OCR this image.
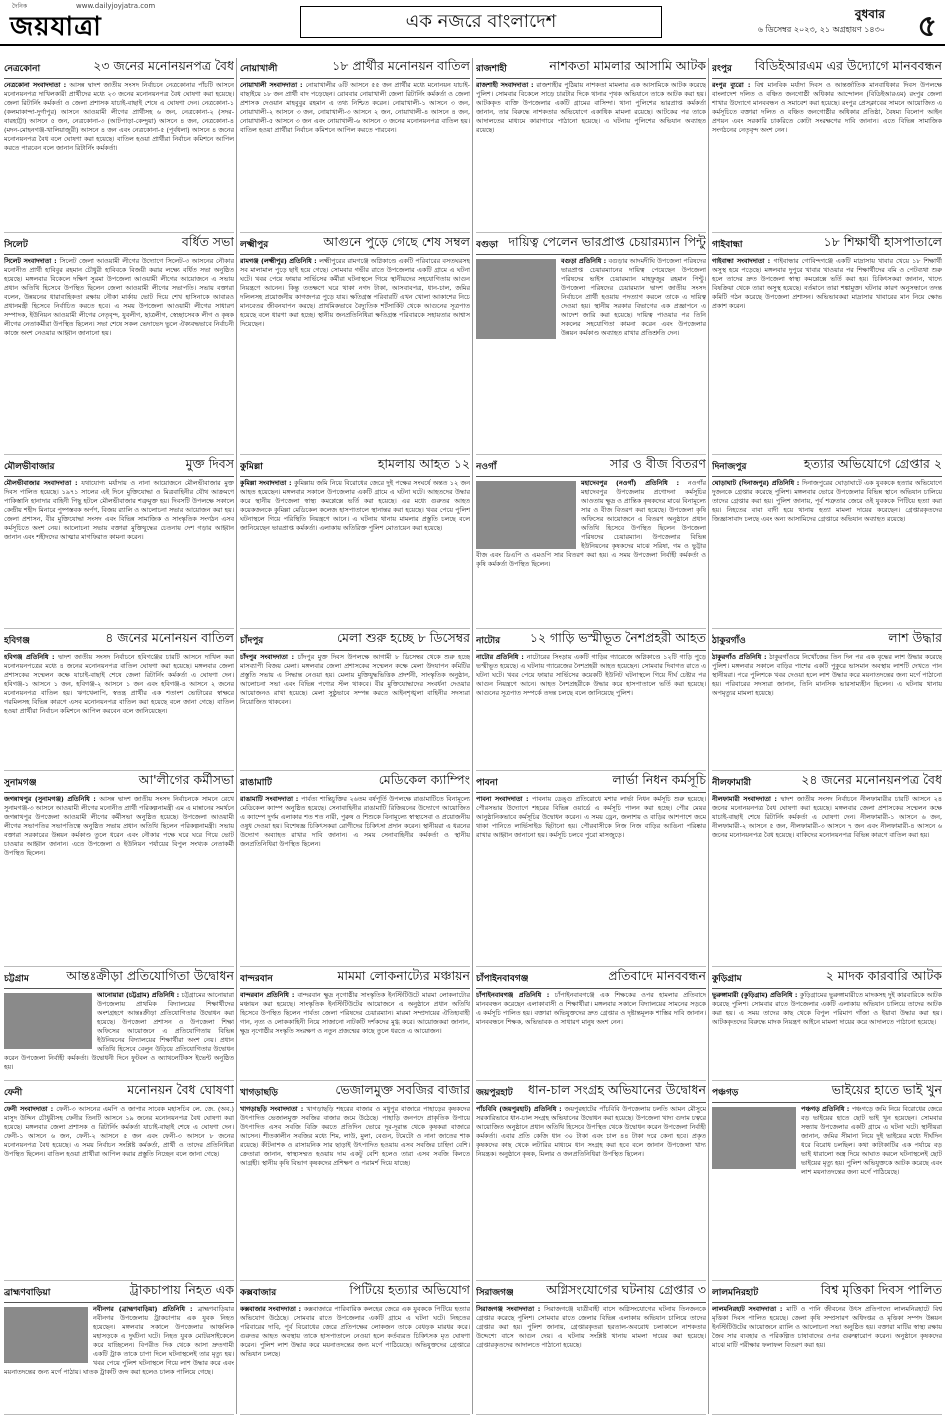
দৈনিক	www.dailyjoyjatra.com
জয়যাত্রা	এক নজরে বাংলাদেশ	বুধবার
৬ ডিসেম্বর ২০২৩, ২১ অগ্রহায়ণ ১৪৩০ ৫
নেত্রকোনা	২৩ জনের মনোনয়নপত্র বৈধ
নেত্রকোনা সংবাদদাতা : আসন্ন দ্বাদশ জাতীয় সংসদ নির্বাচনে নেত্রকোনার পাঁচটি আসনে মনোনয়নপত্র দাখিলকারী প্রার্থীদের মধ্যে ২৩ জনের মনোনয়নপত্র বৈধ ঘোষণা করা হয়েছে। জেলা রিটার্নিং কর্মকর্তা ও জেলা প্রশাসক যাচাই-বাছাই শেষে এ ঘোষণা দেন। নেত্রকোনা-১ (কলমাকান্দা-দুর্গাপুর) আসনে আওয়ামী লীগের প্রার্থীসহ ৬ জন, নেত্রকোনা-২ (সদর-বারহাট্টা) আসনে ৫ জন, নেত্রকোনা-৩ (আটপাড়া-কেন্দুয়া) আসনে ৪ জন, নেত্রকোনা-৪ (মদন-মোহনগঞ্জ-খালিয়াজুরী) আসনে ৪ জন এবং নেত্রকোনা-৫ (পূর্বধলা) আসনে ৪ জনের মনোনয়নপত্র বৈধ বলে ঘোষণা করা হয়েছে। বাতিল হওয়া প্রার্থীরা নির্বাচন কমিশনে আপিল করতে পারবেন বলে জানান রিটার্নিং কর্মকর্তা।
সিলেট	বর্ধিত সভা
সিলেট সংবাদদাতা : সিলেট জেলা আওয়ামী লীগের উদ্যোগে সিলেট-৩ আসনের নৌকার মনোনীত প্রার্থী হাবিবুর রহমান চৌধুরী হাবিবকে বিজয়ী করার লক্ষ্যে বর্ধিত সভা অনুষ্ঠিত হয়েছে। মঙ্গলবার বিকেলে দক্ষিণ সুরমা উপজেলা আওয়ামী লীগের আয়োজনে এ সভায় প্রধান অতিথি হিসেবে উপস্থিত ছিলেন জেলা আওয়ামী লীগের সভাপতি। সভায় বক্তারা বলেন, উন্নয়নের ধারাবাহিকতা রক্ষায় নৌকা মার্কায় ভোট দিয়ে শেখ হাসিনাকে আবারও প্রধানমন্ত্রী হিসেবে নির্বাচিত করতে হবে। এ সময় উপজেলা আওয়ামী লীগের সাধারণ সম্পাদক, ইউনিয়ন আওয়ামী লীগের নেতৃবৃন্দ, যুবলীগ, ছাত্রলীগ, স্বেচ্ছাসেবক লীগ ও কৃষক লীগের নেতাকর্মীরা উপস্থিত ছিলেন। সভা শেষে সকল ভেদাভেদ ভুলে ঐক্যবদ্ধভাবে নির্বাচনী কাজে অংশ নেওয়ার আহ্বান জানানো হয়।
মৌলভীবাজার	মুক্ত দিবস
মৌলভীবাজার সংবাদদাতা : যথাযোগ্য মর্যাদায় ও নানা আয়োজনে মৌলভীবাজার মুক্ত দিবস পালিত হয়েছে। ১৯৭১ সালের এই দিনে মুক্তিযোদ্ধা ও মিত্রবাহিনীর যৌথ আক্রমণে পাকিস্তানি হানাদার বাহিনী পিছু হটলে মৌলভীবাজার শত্রুমুক্ত হয়। দিবসটি উপলক্ষে সকালে কেন্দ্রীয় শহীদ মিনারে পুষ্পস্তবক অর্পণ, বিজয় র‍্যালি ও আলোচনা সভার আয়োজন করা হয়। জেলা প্রশাসন, বীর মুক্তিযোদ্ধা সংসদ এবং বিভিন্ন সামাজিক ও সাংস্কৃতিক সংগঠন এসব কর্মসূচিতে অংশ নেয়। আলোচনা সভায় বক্তারা মুক্তিযুদ্ধের চেতনায় দেশ গড়ার আহ্বান জানান এবং শহীদদের আত্মার মাগফিরাত কামনা করেন।
হবিগঞ্জ	৪ জনের মনোনয়ন বাতিল
হবিগঞ্জ প্রতিনিধি : দ্বাদশ জাতীয় সংসদ নির্বাচনে হবিগঞ্জের চারটি আসনে দাখিল করা মনোনয়নপত্রের মধ্যে ৪ জনের মনোনয়নপত্র বাতিল ঘোষণা করা হয়েছে। মঙ্গলবার জেলা প্রশাসকের সম্মেলন কক্ষে যাচাই-বাছাই শেষে জেলা রিটার্নিং কর্মকর্তা এ ঘোষণা দেন। হবিগঞ্জ-১ আসনে ১ জন, হবিগঞ্জ-২ আসনে ১ জন এবং হবিগঞ্জ-৪ আসনে ২ জনের মনোনয়নপত্র বাতিল হয়। ঋণখেলাপি, স্বতন্ত্র প্রার্থীর এক শতাংশ ভোটারের স্বাক্ষরে গরমিলসহ বিভিন্ন কারণে এসব মনোনয়নপত্র বাতিল করা হয়েছে বলে জানা গেছে। বাতিল হওয়া প্রার্থীরা নির্বাচন কমিশনে আপিল করবেন বলে জানিয়েছেন।
সুনামগঞ্জ	আ'লীগের কর্মীসভা
জগন্নাথপুর (সুনামগঞ্জ) প্রতিনিধি : আসন্ন দ্বাদশ জাতীয় সংসদ নির্বাচনকে সামনে রেখে সুনামগঞ্জ-৩ আসনে আওয়ামী লীগের মনোনীত প্রার্থী পরিকল্পনামন্ত্রী এম এ মান্নানের সমর্থনে জগন্নাথপুর উপজেলা আওয়ামী লীগের কর্মীসভা অনুষ্ঠিত হয়েছে। উপজেলা আওয়ামী লীগের সভাপতির সভাপতিত্বে অনুষ্ঠিত সভায় প্রধান অতিথি ছিলেন পরিকল্পনামন্ত্রী। সভায় বক্তারা সরকারের উন্নয়ন কর্মকাণ্ড তুলে ধরেন এবং নৌকার পক্ষে ঘরে ঘরে গিয়ে ভোট চাওয়ার আহ্বান জানান। এতে উপজেলা ও ইউনিয়ন পর্যায়ের বিপুল সংখ্যক নেতাকর্মী উপস্থিত ছিলেন।
চট্টগ্রাম	আন্তঃক্রীড়া প্রতিযোগিতা উদ্বোধন
আনোয়ারা (চট্টগ্রাম) প্রতিনিধি : চট্টগ্রামের আনোয়ারা উপজেলায় প্রাথমিক বিদ্যালয়ের শিক্ষার্থীদের অংশগ্রহণে আন্তঃক্রীড়া প্রতিযোগিতার উদ্বোধন করা হয়েছে। উপজেলা প্রশাসন ও উপজেলা শিক্ষা অফিসের আয়োজনে এ প্রতিযোগিতায় বিভিন্ন ইউনিয়নের বিদ্যালয়ের শিক্ষার্থীরা অংশ নেয়। প্রধান অতিথি হিসেবে বেলুন উড়িয়ে প্রতিযোগিতার উদ্বোধন করেন উপজেলা নির্বাহী কর্মকর্তা। উদ্বোধনী দিনে ফুটবল ও অ্যাথলেটিকস ইভেন্ট অনুষ্ঠিত হয়।
ফেনী	মনোনয়ন বৈধ ঘোষণা
ফেনী সংবাদদাতা : ফেনী-৩ আসনের এমপি ও জাপার সাবেক মহাসচিব লে. জে. (অব.) মাসুদ উদ্দিন চৌধুরীসহ ফেনীর তিনটি আসনে ১৯ জনের মনোনয়নপত্র বৈধ ঘোষণা করা হয়েছে। মঙ্গলবার জেলা প্রশাসক ও রিটার্নিং কর্মকর্তা যাচাই-বাছাই শেষে এ ঘোষণা দেন। ফেনী-১ আসনে ৬ জন, ফেনী-২ আসনে ৫ জন এবং ফেনী-৩ আসনে ৮ জনের মনোনয়নপত্র বৈধ হয়েছে। এ সময় নির্বাচন সংশ্লিষ্ট কর্মকর্তা, প্রার্থী ও তাদের প্রতিনিধিরা উপস্থিত ছিলেন। বাতিল হওয়া প্রার্থীরা আপিল করার প্রস্তুতি নিচ্ছেন বলে জানা গেছে।
ব্রাহ্মণবাড়িয়া	ট্রাকচাপায় নিহত এক
নবীনগর (ব্রাহ্মণবাড়িয়া) প্রতিনিধি : ব্রাহ্মণবাড়িয়ার নবীনগর উপজেলায় ট্রাকচাপায় এক যুবক নিহত হয়েছেন। মঙ্গলবার সকালে উপজেলার আঞ্চলিক মহাসড়কে এ দুর্ঘটনা ঘটে। নিহত যুবক মোটরসাইকেলে করে যাচ্ছিলেন। বিপরীত দিক থেকে আসা দ্রুতগামী একটি ট্রাক তাকে চাপা দিলে ঘটনাস্থলেই তার মৃত্যু হয়। খবর পেয়ে পুলিশ ঘটনাস্থলে গিয়ে লাশ উদ্ধার করে এবং ময়নাতদন্তের জন্য মর্গে পাঠায়। ঘাতক ট্রাকটি জব্দ করা হলেও চালক পালিয়ে গেছে।
নোয়াখালী	১৮ প্রার্থীর মনোনয়ন বাতিল
নোয়াখালী সংবাদদাতা : নোয়াখালীর ৬টি আসনে ৫৫ জন প্রার্থীর মধ্যে মনোনয়ন যাচাই-বাছাইয়ে ১৮ জন প্রার্থী বাদ পড়েছেন। রোববার নোয়াখালী জেলা রিটার্নিং কর্মকর্তা ও জেলা প্রশাসক দেওয়ান মাহবুবুর রহমান এ তথ্য নিশ্চিত করেন। নোয়াখালী-১ আসনে ৩ জন, নোয়াখালী-২ আসনে ৩ জন, নোয়াখালী-৩ আসনে ২ জন, নোয়াখালী-৪ আসনে ৪ জন, নোয়াখালী-৫ আসনে ৩ জন এবং নোয়াখালী-৬ আসনে ৩ জনের মনোনয়নপত্র বাতিল হয়। বাতিল হওয়া প্রার্থীরা নির্বাচন কমিশনে আপিল করতে পারবেন।
লক্ষ্মীপুর	আগুনে পুড়ে গেছে শেষ সম্বল
রামগঞ্জ (লক্ষ্মীপুর) প্রতিনিধি : লক্ষ্মীপুরের রামগঞ্জে অগ্নিকাণ্ডে একটি পরিবারের বসতঘরসহ সব মালামাল পুড়ে ছাই হয়ে গেছে। সোমবার গভীর রাতে উপজেলার একটি গ্রামে এ ঘটনা ঘটে। খবর পেয়ে ফায়ার সার্ভিসের কর্মীরা ঘটনাস্থলে গিয়ে স্থানীয়দের সহযোগিতায় আগুন নিয়ন্ত্রণে আনেন। কিন্তু ততক্ষণে ঘরে থাকা নগদ টাকা, আসবাবপত্র, ধান-চাল, জমির দলিলসহ প্রয়োজনীয় কাগজপত্র পুড়ে যায়। ক্ষতিগ্রস্ত পরিবারটি এখন খোলা আকাশের নিচে মানবেতর জীবনযাপন করছে। প্রাথমিকভাবে বৈদ্যুতিক শর্টসার্কিট থেকে আগুনের সূত্রপাত হয়েছে বলে ধারণা করা হচ্ছে। স্থানীয় জনপ্রতিনিধিরা ক্ষতিগ্রস্ত পরিবারকে সহায়তার আশ্বাস দিয়েছেন।
কুমিল্লা	হামলায় আহত ১২
কুমিল্লা সংবাদদাতা : কুমিল্লায় জমি নিয়ে বিরোধের জেরে দুই পক্ষের সংঘর্ষে অন্তত ১২ জন আহত হয়েছেন। মঙ্গলবার সকালে উপজেলার একটি গ্রামে এ ঘটনা ঘটে। আহতদের উদ্ধার করে স্থানীয় উপজেলা স্বাস্থ্য কমপ্লেক্সে ভর্তি করা হয়েছে। এর মধ্যে গুরুতর আহত কয়েকজনকে কুমিল্লা মেডিকেল কলেজ হাসপাতালে স্থানান্তর করা হয়েছে। খবর পেয়ে পুলিশ ঘটনাস্থলে গিয়ে পরিস্থিতি নিয়ন্ত্রণে আনে। এ ঘটনায় থানায় মামলার প্রস্তুতি চলছে বলে জানিয়েছেন ভারপ্রাপ্ত কর্মকর্তা। এলাকায় অতিরিক্ত পুলিশ মোতায়েন করা হয়েছে।
চাঁদপুর	মেলা শুরু হচ্ছে ৮ ডিসেম্বর
চাঁদপুর সংবাদদাতা : চাঁদপুর মুক্ত দিবস উপলক্ষে আগামী ৮ ডিসেম্বর থেকে শুরু হচ্ছে মাসব্যাপী বিজয় মেলা। মঙ্গলবার জেলা প্রশাসকের সম্মেলন কক্ষে মেলা উদযাপন কমিটির প্রস্তুতি সভায় এ সিদ্ধান্ত নেওয়া হয়। মেলায় মুক্তিযুদ্ধভিত্তিক প্রদর্শনী, সাংস্কৃতিক অনুষ্ঠান, আলোচনা সভা এবং বিভিন্ন পণ্যের স্টল থাকবে। বীর মুক্তিযোদ্ধাদের সংবর্ধনা দেওয়ার আয়োজনও রাখা হয়েছে। মেলা সুষ্ঠুভাবে সম্পন্ন করতে আইনশৃঙ্খলা বাহিনীর সদস্যরা নিয়োজিত থাকবেন।
রাঙামাটি	মেডিকেল ক্যাম্পিং
রাঙামাটি সংবাদদাতা : পার্বত্য শান্তিচুক্তির ২৬তম বর্ষপূর্তি উপলক্ষে রাঙামাটিতে বিনামূল্যে মেডিকেল ক্যাম্প অনুষ্ঠিত হয়েছে। সেনাবাহিনীর রাঙামাটি রিজিয়নের উদ্যোগে আয়োজিত এ ক্যাম্পে দুর্গম এলাকার শত শত নারী, পুরুষ ও শিশুকে বিনামূল্যে স্বাস্থ্যসেবা ও প্রয়োজনীয় ওষুধ দেওয়া হয়। বিশেষজ্ঞ চিকিৎসকরা রোগীদের চিকিৎসা প্রদান করেন। স্থানীয়রা এ ধরনের উদ্যোগ অব্যাহত রাখার দাবি জানান। এ সময় সেনাবাহিনীর কর্মকর্তা ও স্থানীয় জনপ্রতিনিধিরা উপস্থিত ছিলেন।
বান্দরবান	মামমা লোকনাট্যের মঞ্চায়ন
বান্দরবান প্রতিনিধি : বান্দরবান ক্ষুদ্র নৃগোষ্ঠীর সাংস্কৃতিক ইনস্টিটিউটে মারমা লোকনাট্যের মঞ্চায়ন করা হয়েছে। সাংস্কৃতিক ইনস্টিটিউটের আয়োজনে এ অনুষ্ঠানে প্রধান অতিথি হিসেবে উপস্থিত ছিলেন পার্বত্য জেলা পরিষদের চেয়ারম্যান। মারমা সম্প্রদায়ের ঐতিহ্যবাহী গান, নৃত্য ও লোককাহিনী নিয়ে সাজানো নাটকটি দর্শকদের মুগ্ধ করে। আয়োজকরা জানান, ক্ষুদ্র নৃগোষ্ঠীর সংস্কৃতি সংরক্ষণ ও নতুন প্রজন্মের কাছে তুলে ধরতে এ আয়োজন।
খাগড়াছড়ি	ভেজালমুক্ত সবজির বাজার
খাগড়াছড়ি সংবাদদাতা : খাগড়াছড়ি শহরের বাজার ও মধুপুর বাজারে পাহাড়ের কৃষকদের উৎপাদিত ভেজালমুক্ত সবজির বাজার জমে উঠেছে। পাহাড়ি জনপদে প্রাকৃতিক উপায়ে উৎপাদিত এসব সবজি বিক্রি করতে প্রতিদিন ভোরে দূর-দূরান্ত থেকে কৃষকরা বাজারে আসেন। শীতকালীন সবজির মধ্যে শিম, লাউ, মুলা, বেগুন, টমেটো ও নানা জাতের শাক রয়েছে। কীটনাশক ও রাসায়নিক সার ছাড়াই উৎপাদিত হওয়ায় এসব সবজির চাহিদা বেশি। ক্রেতারা জানান, স্বাস্থ্যসম্মত হওয়ায় দাম একটু বেশি হলেও তারা এসব সবজি কিনতে আগ্রহী। স্থানীয় কৃষি বিভাগ কৃষকদের প্রশিক্ষণ ও পরামর্শ দিয়ে যাচ্ছে।
কক্সবাজার	পিটিয়ে হত্যার অভিযোগ
কক্সবাজার সংবাদদাতা : কক্সবাজারে পারিবারিক কলহের জেরে এক যুবককে পিটিয়ে হত্যার অভিযোগ উঠেছে। সোমবার রাতে উপজেলার একটি গ্রামে এ ঘটনা ঘটে। নিহতের পরিবারের দাবি, পূর্ব বিরোধের জেরে প্রতিপক্ষের লোকজন তাকে বেধড়ক মারধর করে। গুরুতর আহত অবস্থায় তাকে হাসপাতালে নেওয়া হলে কর্তব্যরত চিকিৎসক মৃত ঘোষণা করেন। পুলিশ লাশ উদ্ধার করে ময়নাতদন্তের জন্য মর্গে পাঠিয়েছে। অভিযুক্তদের গ্রেপ্তারে অভিযান চলছে।
রাজশাহী	নাশকতা মামলার আসামি আটক
রাজশাহী সংবাদদাতা : রাজশাহীর পুঠিয়ায় নাশকতা মামলার এক আসামিকে আটক করেছে পুলিশ। সোমবার বিকেলে সাড়ে চারটার দিকে থানার পৃথক অভিযানে তাকে আটক করা হয়। আটককৃত ব্যক্তি উপজেলার একটি গ্রামের বাসিন্দা। থানা পুলিশের ভারপ্রাপ্ত কর্মকর্তা জানান, তার বিরুদ্ধে নাশকতার অভিযোগে একাধিক মামলা রয়েছে। আটকের পর তাকে আদালতের মাধ্যমে কারাগারে পাঠানো হয়েছে। এ ঘটনায় পুলিশের অভিযান অব্যাহত রয়েছে।
বগুড়া দায়িত্ব পেলেন ভারপ্রাপ্ত চেয়ারম্যান পিন্টু
বগুড়া প্রতিনিধি : বগুড়ার আদমদীঘি উপজেলা পরিষদের ভারপ্রাপ্ত চেয়ারম্যানের দায়িত্ব পেয়েছেন উপজেলা পরিষদের ভাইস চেয়ারম্যান মাহফুজুর রহমান পিন্টু। উপজেলা পরিষদের চেয়ারম্যান দ্বাদশ জাতীয় সংসদ নির্বাচনে প্রার্থী হওয়ায় পদত্যাগ করলে তাকে এ দায়িত্ব দেওয়া হয়। স্থানীয় সরকার বিভাগের এক প্রজ্ঞাপনে এ আদেশ জারি করা হয়েছে। দায়িত্ব পাওয়ার পর তিনি সকলের সহযোগিতা কামনা করেন এবং উপজেলার উন্নয়ন কর্মকাণ্ড অব্যাহত রাখার প্রতিশ্রুতি দেন।
নওগাঁ	সার ও বীজ বিতরণ
মহাদেবপুর (নওগাঁ) প্রতিনিধি : নওগাঁর মহাদেবপুর উপজেলায় প্রণোদনা কর্মসূচির আওতায় ক্ষুদ্র ও প্রান্তিক কৃষকদের মাঝে বিনামূল্যে সার ও বীজ বিতরণ করা হয়েছে। উপজেলা কৃষি অফিসের আয়োজনে এ বিতরণ অনুষ্ঠানে প্রধান অতিথি হিসেবে উপস্থিত ছিলেন উপজেলা পরিষদের চেয়ারম্যান। উপজেলার বিভিন্ন ইউনিয়নের কৃষকদের মাঝে সরিষা, গম ও ভুট্টার বীজ এবং ডিএপি ও এমওপি সার বিতরণ করা হয়। এ সময় উপজেলা নির্বাহী কর্মকর্তা ও কৃষি কর্মকর্তা উপস্থিত ছিলেন।
নাটোর	১২ গাড়ি ভস্মীভূত নৈশপ্রহরী আহত
নাটোর প্রতিনিধি : নাটোরের সিংড়ায় একটি গাড়ির গ্যারেজে অগ্নিকাণ্ডে ১২টি গাড়ি পুড়ে ভস্মীভূত হয়েছে। এ ঘটনায় গ্যারেজের নৈশপ্রহরী আহত হয়েছেন। সোমবার দিবাগত রাতে এ ঘটনা ঘটে। খবর পেয়ে ফায়ার সার্ভিসের কয়েকটি ইউনিট ঘটনাস্থলে গিয়ে দীর্ঘ চেষ্টার পর আগুন নিয়ন্ত্রণে আনে। আহত নৈশপ্রহরীকে উদ্ধার করে হাসপাতালে ভর্তি করা হয়েছে। আগুনের সূত্রপাত সম্পর্কে তদন্ত চলছে বলে জানিয়েছে পুলিশ।
পাবনা	লার্ভা নিধন কর্মসূচি
পাবনা সংবাদদাতা : পাবনায় ডেঙ্গু প্রতিরোধে মশার লার্ভা নিধন কর্মসূচি শুরু হয়েছে। পৌরসভার উদ্যোগে শহরের বিভিন্ন ওয়ার্ডে এ কর্মসূচি পালন করা হচ্ছে। পৌর মেয়র আনুষ্ঠানিকভাবে কর্মসূচির উদ্বোধন করেন। এ সময় ড্রেন, জলাশয় ও বাড়ির আশপাশে জমে থাকা পানিতে লার্ভিসাইড ছিটানো হয়। পৌরবাসীকে নিজ নিজ বাড়ির আঙিনা পরিষ্কার রাখার আহ্বান জানানো হয়। কর্মসূচি চলবে পুরো মাসজুড়ে।
চাঁপাইনবাবগঞ্জ	প্রতিবাদে মানববন্ধন
চাঁপাইনবাবগঞ্জ প্রতিনিধি : চাঁপাইনবাবগঞ্জে এক শিক্ষকের ওপর হামলার প্রতিবাদে মানববন্ধন করেছেন এলাকাবাসী ও শিক্ষার্থীরা। মঙ্গলবার সকালে বিদ্যালয়ের সামনের সড়কে এ কর্মসূচি পালিত হয়। বক্তারা অভিযুক্তদের দ্রুত গ্রেপ্তার ও দৃষ্টান্তমূলক শাস্তির দাবি জানান। মানববন্ধনে শিক্ষক, অভিভাবক ও সাধারণ মানুষ অংশ নেন।
জয়পুরহাট	ধান-চাল সংগ্রহ অভিযানের উদ্বোধন
পাঁচবিবি (জয়পুরহাট) প্রতিনিধি : জয়পুরহাটের পাঁচবিবি উপজেলায় চলতি আমন মৌসুমে সরকারিভাবে ধান-চাল সংগ্রহ অভিযানের উদ্বোধন করা হয়েছে। উপজেলা খাদ্য গুদাম চত্বরে আয়োজিত অনুষ্ঠানে প্রধান অতিথি হিসেবে উপস্থিত থেকে উদ্বোধন করেন উপজেলা নির্বাহী কর্মকর্তা। এবার প্রতি কেজি ধান ৩০ টাকা এবং চাল ৪৪ টাকা দরে কেনা হবে। প্রকৃত কৃষকদের কাছ থেকে লটারির মাধ্যমে ধান সংগ্রহ করা হবে বলে জানান উপজেলা খাদ্য নিয়ন্ত্রক। অনুষ্ঠানে কৃষক, মিলার ও জনপ্রতিনিধিরা উপস্থিত ছিলেন।
সিরাজগঞ্জ	অগ্নিসংযোগের ঘটনায় গ্রেপ্তার ৩
সিরাজগঞ্জ সংবাদদাতা : সিরাজগঞ্জে যাত্রীবাহী বাসে অগ্নিসংযোগের ঘটনায় তিনজনকে গ্রেপ্তার করেছে পুলিশ। সোমবার রাতে জেলার বিভিন্ন এলাকায় অভিযান চালিয়ে তাদের গ্রেপ্তার করা হয়। পুলিশ জানায়, গ্রেপ্তারকৃতরা হরতাল-অবরোধ চলাকালে নাশকতার উদ্দেশ্যে বাসে আগুন দেয়। এ ঘটনায় সংশ্লিষ্ট থানায় মামলা দায়ের করা হয়েছে। গ্রেপ্তারকৃতদের আদালতে পাঠানো হয়েছে।
রংপুর	বিডিইআরএম এর উদ্যোগে মানববন্ধন
রংপুর ব্যুরো : বিশ্ব মানবিক মর্যাদা দিবস ও আন্তর্জাতিক মানবাধিকার দিবস উপলক্ষে বাংলাদেশ দলিত ও বঞ্চিত জনগোষ্ঠী অধিকার আন্দোলন (বিডিইআরএম) রংপুর জেলা শাখার উদ্যোগে মানববন্ধন ও সমাবেশ করা হয়েছে। রংপুর প্রেসক্লাবের সামনে আয়োজিত এ কর্মসূচিতে বক্তারা দলিত ও বঞ্চিত জনগোষ্ঠীর অধিকার প্রতিষ্ঠা, বৈষম্য বিলোপ আইন প্রণয়ন এবং সরকারি চাকরিতে কোটা সংরক্ষণের দাবি জানান। এতে বিভিন্ন সামাজিক সংগঠনের নেতৃবৃন্দ অংশ নেন।
গাইবান্ধা	১৮ শিক্ষার্থী হাসপাতালে
গাইবান্ধা সংবাদদাতা : গাইবান্ধার গোবিন্দগঞ্জে একটি মাদ্রাসায় খাবার খেয়ে ১৮ শিক্ষার্থী অসুস্থ হয়ে পড়েছে। মঙ্গলবার দুপুরে খাবার খাওয়ার পর শিক্ষার্থীদের বমি ও পেটব্যথা শুরু হলে তাদের দ্রুত উপজেলা স্বাস্থ্য কমপ্লেক্সে ভর্তি করা হয়। চিকিৎসকরা জানান, খাদ্যে বিষক্রিয়া থেকে তারা অসুস্থ হয়েছে। বর্তমানে তারা শঙ্কামুক্ত। ঘটনার কারণ অনুসন্ধানে তদন্ত কমিটি গঠন করেছে উপজেলা প্রশাসন। অভিভাবকরা মাদ্রাসার খাবারের মান নিয়ে ক্ষোভ প্রকাশ করেন।
দিনাজপুর	হত্যার অভিযোগে গ্রেপ্তার ২
ঘোড়াঘাট (দিনাজপুর) প্রতিনিধি : দিনাজপুরের ঘোড়াঘাটে এক যুবককে হত্যার অভিযোগে দুজনকে গ্রেপ্তার করেছে পুলিশ। মঙ্গলবার ভোরে উপজেলার বিভিন্ন স্থানে অভিযান চালিয়ে তাদের গ্রেপ্তার করা হয়। পুলিশ জানায়, পূর্ব শত্রুতার জেরে ওই যুবককে পিটিয়ে হত্যা করা হয়। নিহতের বাবা বাদী হয়ে থানায় হত্যা মামলা দায়ের করেছেন। গ্রেপ্তারকৃতদের জিজ্ঞাসাবাদ চলছে এবং অন্য আসামিদের গ্রেপ্তারে অভিযান অব্যাহত রয়েছে।
ঠাকুরগাঁও	লাশ উদ্ধার
ঠাকুরগাঁও প্রতিনিধি : ঠাকুরগাঁওয়ে নিখোঁজের তিন দিন পর এক বৃদ্ধের লাশ উদ্ধার করেছে পুলিশ। মঙ্গলবার সকালে বাড়ির পাশের একটি পুকুরে ভাসমান অবস্থায় লাশটি দেখতে পান স্থানীয়রা। পরে পুলিশকে খবর দেওয়া হলে লাশ উদ্ধার করে ময়নাতদন্তের জন্য মর্গে পাঠানো হয়। পরিবারের সদস্যরা জানান, তিনি মানসিক ভারসাম্যহীন ছিলেন। এ ঘটনায় থানায় অপমৃত্যুর মামলা হয়েছে।
নীলফামারী	২৪ জনের মনোনয়নপত্র বৈধ
নীলফামারী সংবাদদাতা : দ্বাদশ জাতীয় সংসদ নির্বাচনে নীলফামারীর চারটি আসনে ২৪ জনের মনোনয়নপত্র বৈধ ঘোষণা করা হয়েছে। মঙ্গলবার জেলা প্রশাসকের সম্মেলন কক্ষে যাচাই-বাছাই শেষে রিটার্নিং কর্মকর্তা এ ঘোষণা দেন। নীলফামারী-১ আসনে ৬ জন, নীলফামারী-২ আসনে ৫ জন, নীলফামারী-৩ আসনে ৭ জন এবং নীলফামারী-৪ আসনে ৬ জনের মনোনয়নপত্র বৈধ হয়েছে। বাকিদের মনোনয়নপত্র বিভিন্ন কারণে বাতিল করা হয়।
কুড়িগ্রাম	২ মাদক কারবারি আটক
ভুরুঙ্গামারী (কুড়িগ্রাম) প্রতিনিধি : কুড়িগ্রামের ভুরুঙ্গামারীতে মাদকসহ দুই কারবারিকে আটক করেছে পুলিশ। সোমবার রাতে উপজেলার একটি এলাকায় অভিযান চালিয়ে তাদের আটক করা হয়। এ সময় তাদের কাছ থেকে বিপুল পরিমাণ গাঁজা ও ইয়াবা উদ্ধার করা হয়। আটককৃতদের বিরুদ্ধে মাদক নিয়ন্ত্রণ আইনে মামলা দায়ের করে আদালতে পাঠানো হয়েছে।
পঞ্চগড়	ভাইয়ের হাতে ভাই খুন
পঞ্চগড় প্রতিনিধি : পঞ্চগড়ে জমি নিয়ে বিরোধের জেরে বড় ভাইয়ের হাতে ছোট ভাই খুন হয়েছেন। সোমবার সন্ধ্যায় উপজেলার একটি গ্রামে এ ঘটনা ঘটে। স্থানীয়রা জানান, জমির সীমানা নিয়ে দুই ভাইয়ের মধ্যে দীর্ঘদিন ধরে বিরোধ চলছিল। কথা কাটাকাটির এক পর্যায়ে বড় ভাই ধারালো অস্ত্র দিয়ে আঘাত করলে ঘটনাস্থলেই ছোট ভাইয়ের মৃত্যু হয়। পুলিশ অভিযুক্তকে আটক করেছে এবং লাশ ময়নাতদন্তের জন্য মর্গে পাঠিয়েছে।
লালমনিরহাট	বিশ্ব মৃত্তিকা দিবস পালিত
লালমনিরহাট সংবাদদাতা : মাটি ও পানি জীবনের উৎস প্রতিপাদ্যে লালমনিরহাটে বিশ্ব মৃত্তিকা দিবস পালিত হয়েছে। জেলা কৃষি সম্প্রসারণ অধিদপ্তর ও মৃত্তিকা সম্পদ উন্নয়ন ইনস্টিটিউটের আয়োজনে র‍্যালি ও আলোচনা সভা অনুষ্ঠিত হয়। বক্তারা মাটির স্বাস্থ্য রক্ষায় জৈব সার ব্যবহার ও পরিকল্পিত চাষাবাদের ওপর গুরুত্বারোপ করেন। অনুষ্ঠানে কৃষকদের মাঝে মাটি পরীক্ষার ফলাফল বিতরণ করা হয়।
